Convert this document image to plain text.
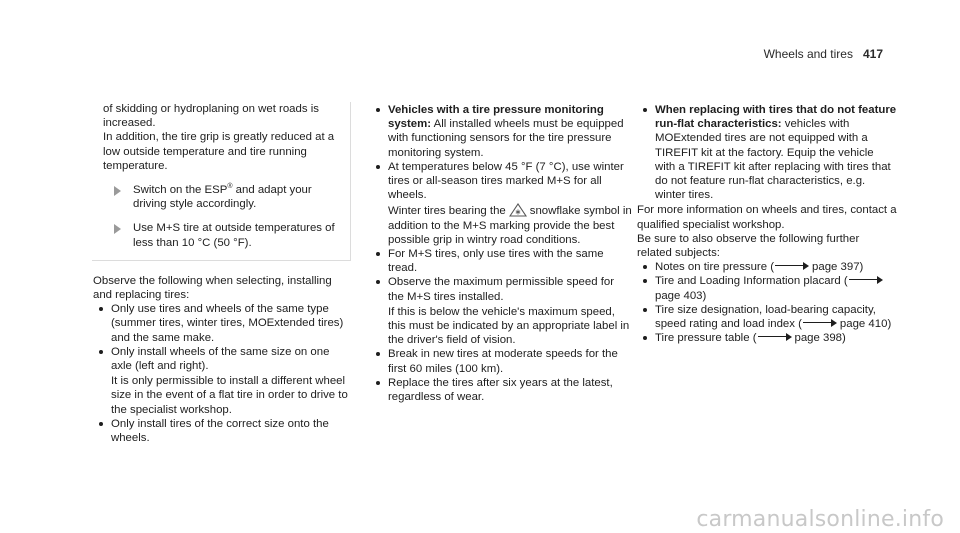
Wheels and tires 417

of skidding or hydroplaning on wet roads is increased.

In addition, the tire grip is greatly reduced at a low outside temperature and tire running temperature.

Switch on the ESP® and adapt your driving style accordingly.
Use M+S tire at outside temperatures of less than 10 °C (50 °F).

Observe the following when selecting, installing and replacing tires:

Only use tires and wheels of the same type (summer tires, winter tires, MOExtended tires) and the same make.
Only install wheels of the same size on one axle (left and right).

It is only permissible to install a different wheel size in the event of a flat tire in order to drive to the specialist workshop.

Only install tires of the correct size onto the wheels.
Vehicles with a tire pressure monitoring system: All installed wheels must be equipped with functioning sensors for the tire pressure monitoring system.
At temperatures below 45 °F (7 °C), use winter tires or all-season tires marked M+S for all wheels.

Winter tires bearing the snowflake symbol in addition to the M+S marking provide the best possible grip in wintry road conditions.

For M+S tires, only use tires with the same tread.
Observe the maximum permissible speed for the M+S tires installed.

If this is below the vehicle's maximum speed, this must be indicated by an appropriate label in the driver's field of vision.

Break in new tires at moderate speeds for the first 60 miles (100 km).
Replace the tires after six years at the latest, regardless of wear.
When replacing with tires that do not feature run-flat characteristics: vehicles with MOExtended tires are not equipped with a TIREFIT kit at the factory. Equip the vehicle with a TIREFIT kit after replacing with tires that do not feature run-flat characteristics, e.g. winter tires.

For more information on wheels and tires, contact a qualified specialist workshop.

Be sure to also observe the following further related subjects:

Notes on tire pressure (	page 397)
Tire and Loading Information placard (page 403)
Tire size designation, load-bearing capacity, speed rating and load index (	page 410)
Tire pressure table (	page 398)
carmanualsonline.info
